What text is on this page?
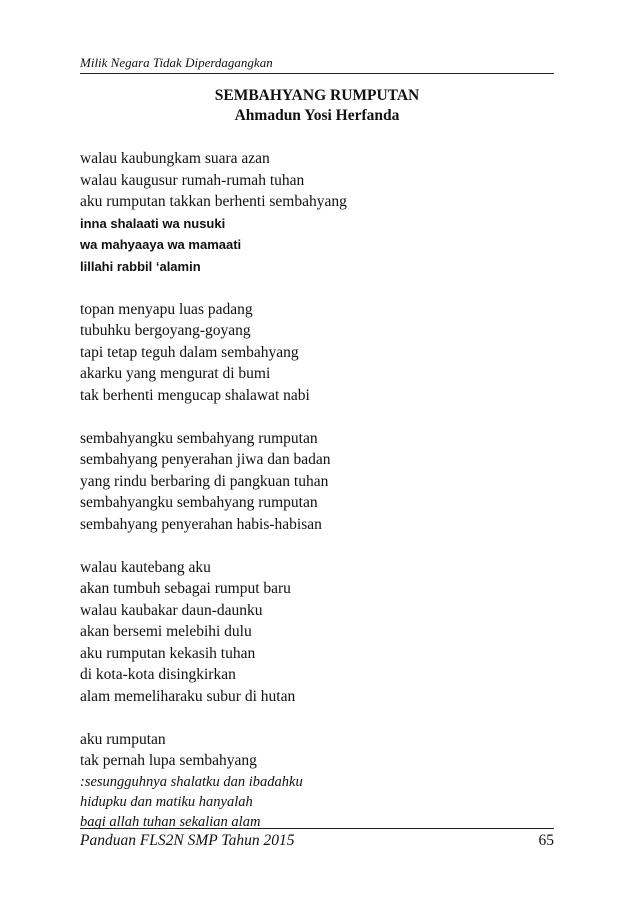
Milik Negara Tidak Diperdagangkan
SEMBAHYANG RUMPUTAN
Ahmadun Yosi Herfanda
walau kaubungkam suara azan
walau kaugusur rumah-rumah tuhan
aku rumputan takkan berhenti sembahyang
inna shalaati wa nusuki
wa mahyaaya wa mamaati
lillahi rabbil ‘alamin
topan menyapu luas padang
tubuhku bergoyang-goyang
tapi tetap teguh dalam sembahyang
akarku yang mengurat di bumi
tak berhenti mengucap shalawat nabi
sembahyangku sembahyang rumputan
sembahyang penyerahan jiwa dan badan
yang rindu berbaring di pangkuan tuhan
sembahyangku sembahyang rumputan
sembahyang penyerahan habis-habisan
walau kautebang aku
akan tumbuh sebagai rumput baru
walau kaubakar daun-daunku
akan bersemi melebihi dulu
aku rumputan kekasih tuhan
di kota-kota disingkirkan
alam memeliharaku subur di hutan
aku rumputan
tak pernah lupa sembahyang
:sesungguhnya shalatku dan ibadahku
hidupku dan matiku hanyalah
bagi allah tuhan sekalian alam
Panduan FLS2N SMP Tahun 2015	65
